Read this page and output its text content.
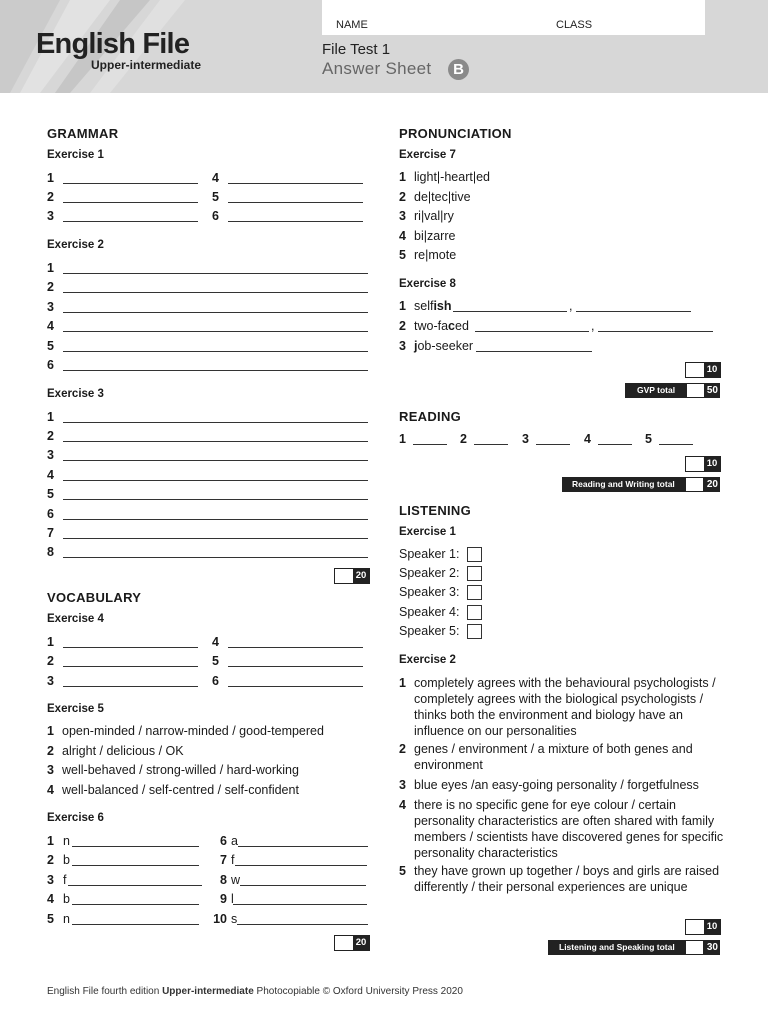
English File
Upper-intermediate
NAME	CLASS
File Test 1
Answer Sheet	B
GRAMMAR
Exercise 1
1
2
3
4
5
6
Exercise 2
1
2
3
4
5
6
Exercise 3
1
2
3
4
5
6
7
8
20
VOCABULARY
Exercise 4
1
2
3
4
5
6
Exercise 5
1 open-minded / narrow-minded / good-tempered
2 alright / delicious / OK
3 well-behaved / strong-willed / hard-working
4 well-balanced / self-centred / self-confident
Exercise 6
1 n
2 b
3 f
4 b
5 n
6 a
7 f
8 w
9 l
10 s
20
PRONUNCIATION
Exercise 7
1 light|-heart|ed
2 de|tec|tive
3 ri|val|ry
4 bi|zarre
5 re|mote
Exercise 8
1 selfish	,
2 two-faced	,
3 job-seeker
10
GVP total	50
READING
1	2	3	4	5
10
Reading and Writing total	20
LISTENING
Exercise 1
Speaker 1:
Speaker 2:
Speaker 3:
Speaker 4:
Speaker 5:
Exercise 2
1 completely agrees with the behavioural psychologists / completely agrees with the biological psychologists / thinks both the environment and biology have an influence on our personalities
2 genes / environment / a mixture of both genes and environment
3 blue eyes /an easy-going personality / forgetfulness
4 there is no specific gene for eye colour / certain personality characteristics are often shared with family members / scientists have discovered genes for specific personality characteristics
5 they have grown up together / boys and girls are raised differently / their personal experiences are unique
10
Listening and Speaking total	30
English File fourth edition Upper-intermediate Photocopiable © Oxford University Press 2020
